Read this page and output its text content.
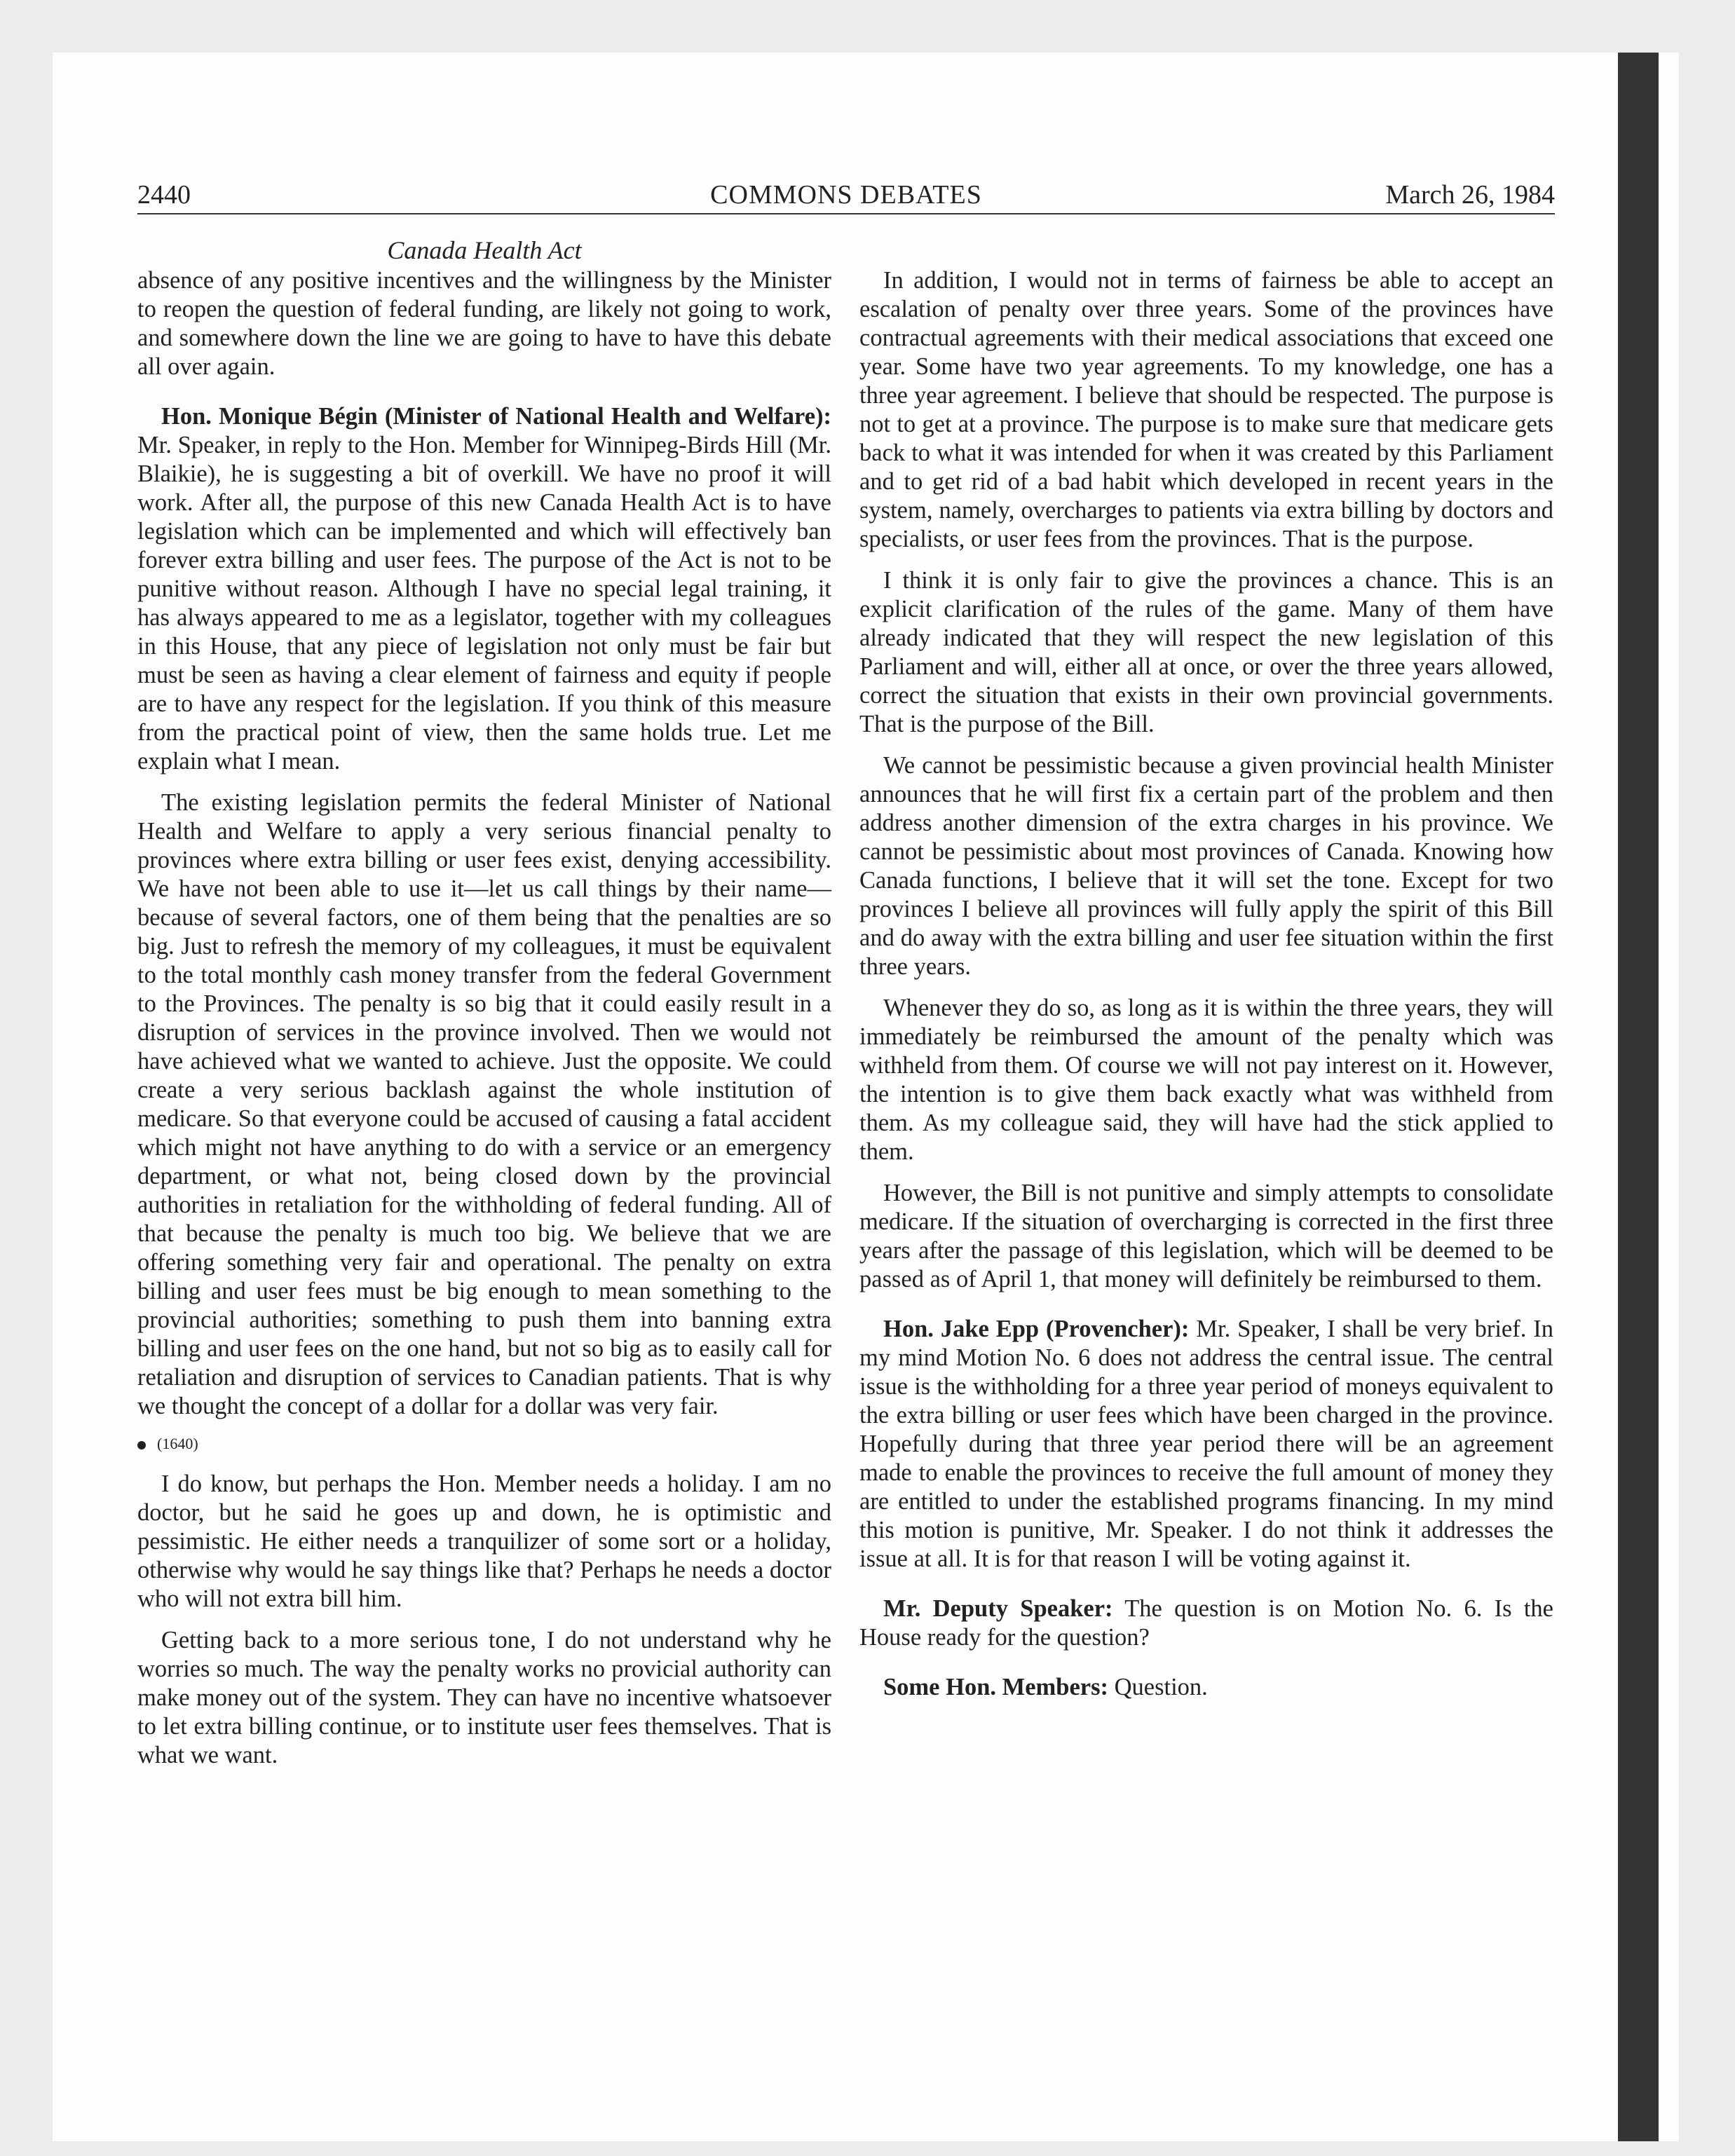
2440	COMMONS DEBATES	March 26, 1984
Canada Health Act

absence of any positive incentives and the willingness by the Minister to reopen the question of federal funding, are likely not going to work, and somewhere down the line we are going to have to have this debate all over again.

Hon. Monique Bégin (Minister of National Health and Welfare): Mr. Speaker, in reply to the Hon. Member for Winnipeg-Birds Hill (Mr. Blaikie), he is suggesting a bit of overkill. We have no proof it will work. After all, the purpose of this new Canada Health Act is to have legislation which can be implemented and which will effectively ban forever extra billing and user fees. The purpose of the Act is not to be punitive without reason. Although I have no special legal training, it has always appeared to me as a legislator, together with my colleagues in this House, that any piece of legislation not only must be fair but must be seen as having a clear element of fairness and equity if people are to have any respect for the legislation. If you think of this measure from the practical point of view, then the same holds true. Let me explain what I mean.

The existing legislation permits the federal Minister of National Health and Welfare to apply a very serious financial penalty to provinces where extra billing or user fees exist, denying accessibility. We have not been able to use it—let us call things by their name—because of several factors, one of them being that the penalties are so big. Just to refresh the memory of my colleagues, it must be equivalent to the total monthly cash money transfer from the federal Government to the Provinces. The penalty is so big that it could easily result in a disruption of services in the province involved. Then we would not have achieved what we wanted to achieve. Just the opposite. We could create a very serious backlash against the whole institution of medicare. So that everyone could be accused of causing a fatal accident which might not have anything to do with a service or an emergency department, or what not, being closed down by the provincial authorities in retaliation for the withholding of federal funding. All of that because the penalty is much too big. We believe that we are offering something very fair and operational. The penalty on extra billing and user fees must be big enough to mean something to the provincial authorities; something to push them into banning extra billing and user fees on the one hand, but not so big as to easily call for retaliation and disruption of services to Canadian patients. That is why we thought the concept of a dollar for a dollar was very fair.

(1640)

I do know, but perhaps the Hon. Member needs a holiday. I am no doctor, but he said he goes up and down, he is optimistic and pessimistic. He either needs a tranquilizer of some sort or a holiday, otherwise why would he say things like that? Perhaps he needs a doctor who will not extra bill him.

Getting back to a more serious tone, I do not understand why he worries so much. The way the penalty works no provicial authority can make money out of the system. They can have no incentive whatsoever to let extra billing continue, or to institute user fees themselves. That is what we want.

In addition, I would not in terms of fairness be able to accept an escalation of penalty over three years. Some of the provinces have contractual agreements with their medical associations that exceed one year. Some have two year agreements. To my knowledge, one has a three year agreement. I believe that should be respected. The purpose is not to get at a province. The purpose is to make sure that medicare gets back to what it was intended for when it was created by this Parliament and to get rid of a bad habit which developed in recent years in the system, namely, overcharges to patients via extra billing by doctors and specialists, or user fees from the provinces. That is the purpose.

I think it is only fair to give the provinces a chance. This is an explicit clarification of the rules of the game. Many of them have already indicated that they will respect the new legislation of this Parliament and will, either all at once, or over the three years allowed, correct the situation that exists in their own provincial governments. That is the purpose of the Bill.

We cannot be pessimistic because a given provincial health Minister announces that he will first fix a certain part of the problem and then address another dimension of the extra charges in his province. We cannot be pessimistic about most provinces of Canada. Knowing how Canada functions, I believe that it will set the tone. Except for two provinces I believe all provinces will fully apply the spirit of this Bill and do away with the extra billing and user fee situation within the first three years.

Whenever they do so, as long as it is within the three years, they will immediately be reimbursed the amount of the penalty which was withheld from them. Of course we will not pay interest on it. However, the intention is to give them back exactly what was withheld from them. As my colleague said, they will have had the stick applied to them.

However, the Bill is not punitive and simply attempts to consolidate medicare. If the situation of overcharging is corrected in the first three years after the passage of this legislation, which will be deemed to be passed as of April 1, that money will definitely be reimbursed to them.

Hon. Jake Epp (Provencher): Mr. Speaker, I shall be very brief. In my mind Motion No. 6 does not address the central issue. The central issue is the withholding for a three year period of moneys equivalent to the extra billing or user fees which have been charged in the province. Hopefully during that three year period there will be an agreement made to enable the provinces to receive the full amount of money they are entitled to under the established programs financing. In my mind this motion is punitive, Mr. Speaker. I do not think it addresses the issue at all. It is for that reason I will be voting against it.

Mr. Deputy Speaker: The question is on Motion No. 6. Is the House ready for the question?

Some Hon. Members: Question.
